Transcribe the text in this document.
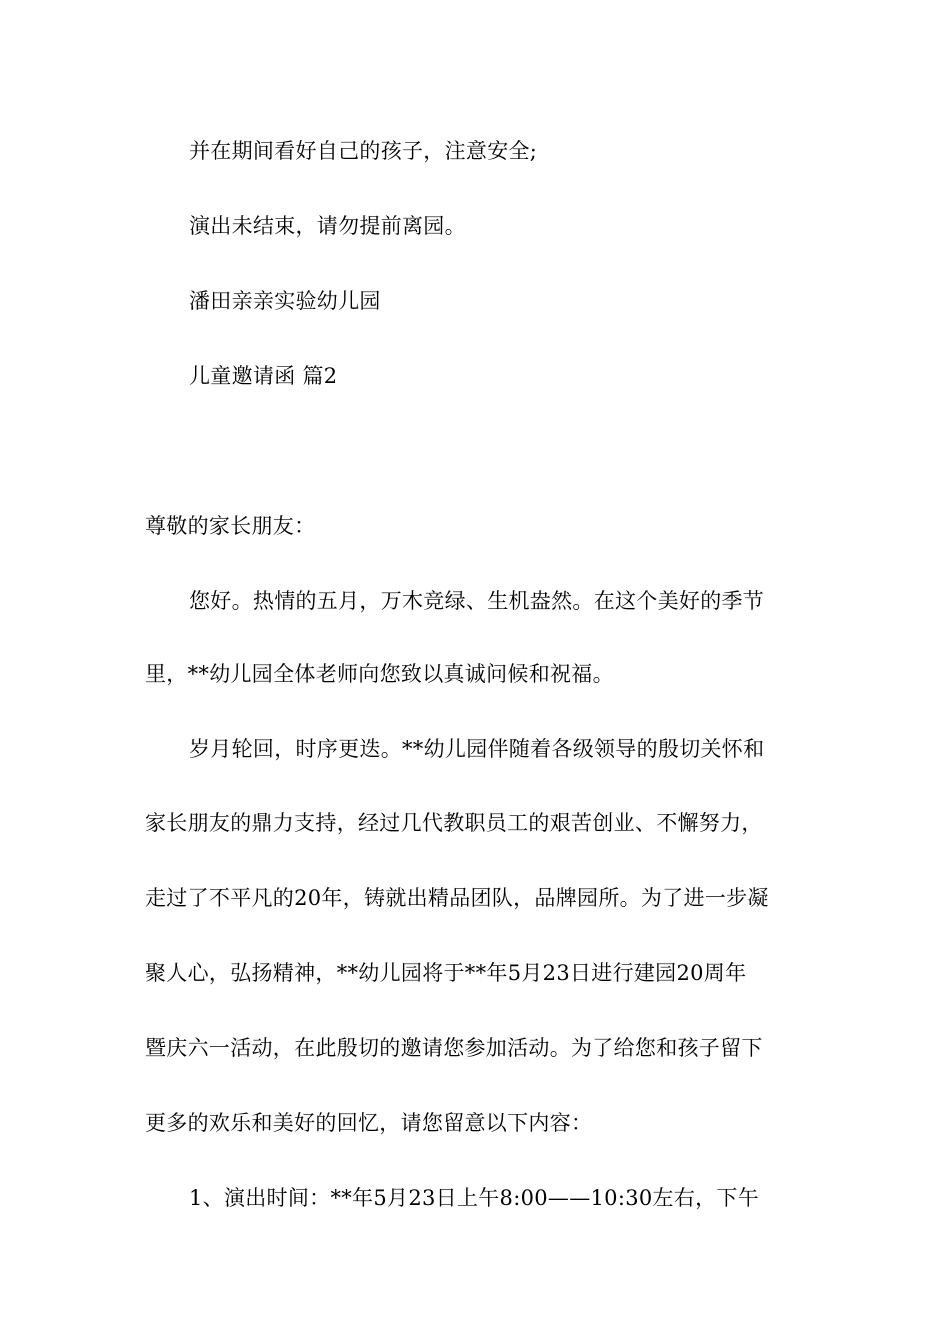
并在期间看好自己的孩子，注意安全;
演出未结束，请勿提前离园。
潘田亲亲实验幼儿园
儿童邀请函 篇2
尊敬的家长朋友：
您好。热情的五月，万木竞绿、生机盎然。在这个美好的季节
里，**幼儿园全体老师向您致以真诚问候和祝福。
岁月轮回，时序更迭。**幼儿园伴随着各级领导的殷切关怀和
家长朋友的鼎力支持，经过几代教职员工的艰苦创业、不懈努力，
走过了不平凡的20年，铸就出精品团队，品牌园所。为了进一步凝
聚人心，弘扬精神，**幼儿园将于**年5月23日进行建园20周年
暨庆六一活动，在此殷切的邀请您参加活动。为了给您和孩子留下
更多的欢乐和美好的回忆，请您留意以下内容：
1、演出时间：**年5月23日上午8:00——10:30左右，下午
